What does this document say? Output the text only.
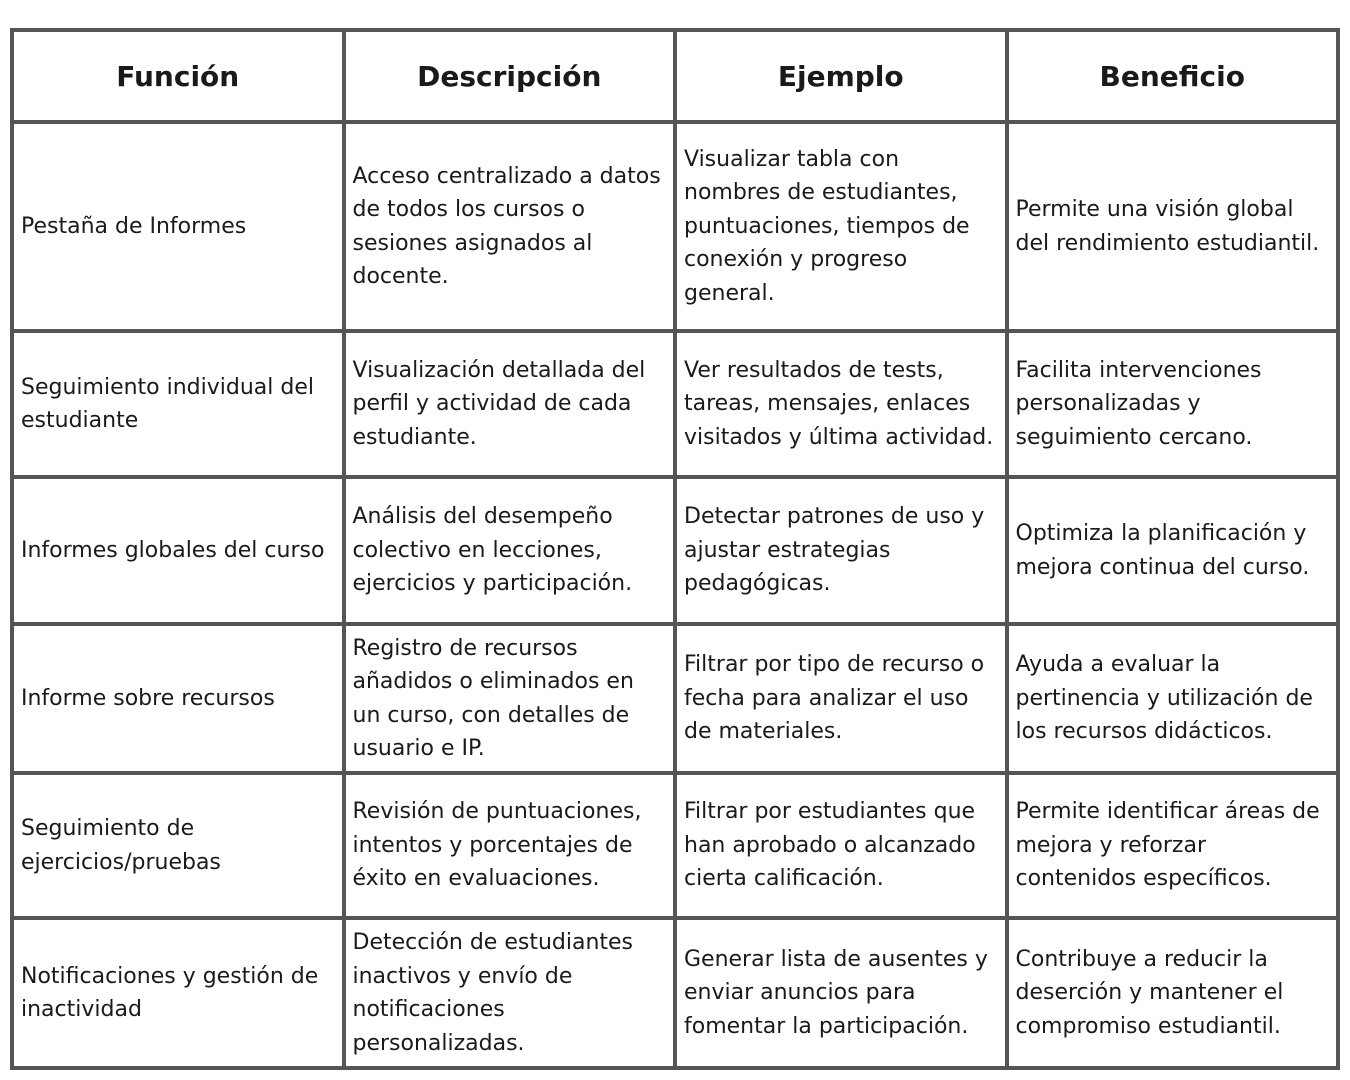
Función	Descripción	Ejemplo	Beneficio
Pestaña de Informes	Acceso centralizado a datos de todos los cursos o sesiones asignados al docente.	Visualizar tabla con nombres de estudiantes, puntuaciones, tiempos de conexión y progreso general.	Permite una visión global del rendimiento estudiantil.
Seguimiento individual del estudiante	Visualización detallada del perfil y actividad de cada estudiante.	Ver resultados de tests, tareas, mensajes, enlaces visitados y última actividad.	Facilita intervenciones personalizadas y seguimiento cercano.
Informes globales del curso	Análisis del desempeño colectivo en lecciones, ejercicios y participación.	Detectar patrones de uso y ajustar estrategias pedagógicas.	Optimiza la planificación y mejora continua del curso.
Informe sobre recursos	Registro de recursos añadidos o eliminados en un curso, con detalles de usuario e IP.	Filtrar por tipo de recurso o fecha para analizar el uso de materiales.	Ayuda a evaluar la pertinencia y utilización de los recursos didácticos.
Seguimiento de ejercicios/pruebas	Revisión de puntuaciones, intentos y porcentajes de éxito en evaluaciones.	Filtrar por estudiantes que han aprobado o alcanzado cierta calificación.	Permite identificar áreas de mejora y reforzar contenidos específicos.
Notificaciones y gestión de inactividad	Detección de estudiantes inactivos y envío de notificaciones personalizadas.	Generar lista de ausentes y enviar anuncios para fomentar la participación.	Contribuye a reducir la deserción y mantener el compromiso estudiantil.
